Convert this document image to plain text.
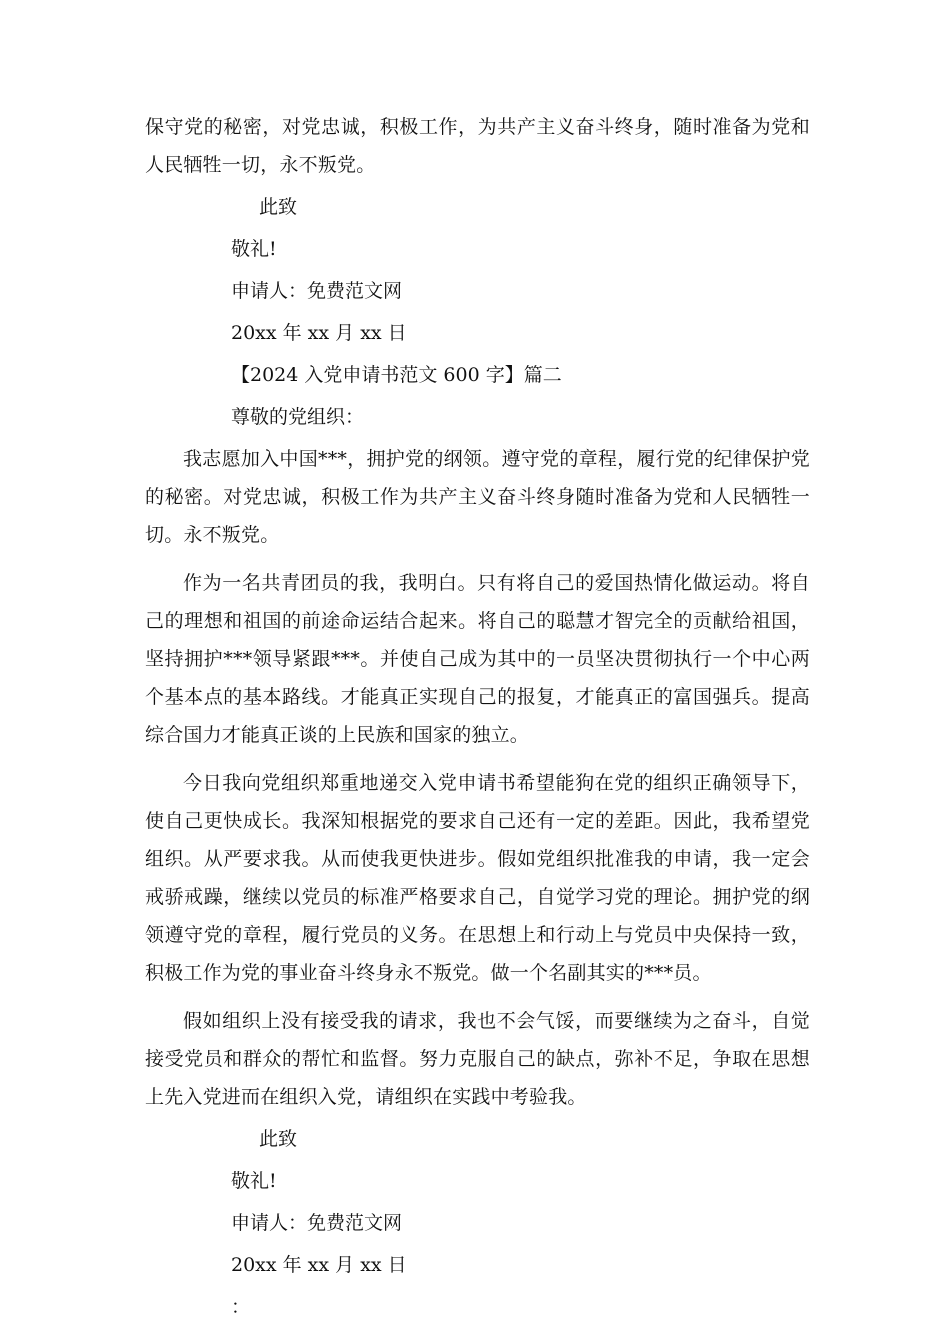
保守党的秘密，对党忠诚，积极工作，为共产主义奋斗终身，随时准备为党和人民牺牲一切，永不叛党。

此致

敬礼!

申请人：免费范文网

20xx 年 xx 月 xx 日

【2024 入党申请书范文 600 字】篇二

尊敬的党组织：

我志愿加入中国***，拥护党的纲领。遵守党的章程，履行党的纪律保护党的秘密。对党忠诚，积极工作为共产主义奋斗终身随时准备为党和人民牺牲一切。永不叛党。

作为一名共青团员的我，我明白。只有将自己的爱国热情化做运动。将自己的理想和祖国的前途命运结合起来。将自己的聪慧才智完全的贡献给祖国，坚持拥护***领导紧跟***。并使自己成为其中的一员坚决贯彻执行一个中心两个基本点的基本路线。才能真正实现自己的报复，才能真正的富国强兵。提高综合国力才能真正谈的上民族和国家的独立。

今日我向党组织郑重地递交入党申请书希望能狗在党的组织正确领导下，使自己更快成长。我深知根据党的要求自己还有一定的差距。因此，我希望党组织。从严要求我。从而使我更快进步。假如党组织批准我的申请，我一定会戒骄戒躁，继续以党员的标准严格要求自己，自觉学习党的理论。拥护党的纲领遵守党的章程，履行党员的义务。在思想上和行动上与党员中央保持一致，积极工作为党的事业奋斗终身永不叛党。做一个名副其实的***员。

假如组织上没有接受我的请求，我也不会气馁，而要继续为之奋斗，自觉接受党员和群众的帮忙和监督。努力克服自己的缺点，弥补不足，争取在思想上先入党进而在组织入党，请组织在实践中考验我。

此致

敬礼!

申请人：免费范文网

20xx 年 xx 月 xx 日

：
